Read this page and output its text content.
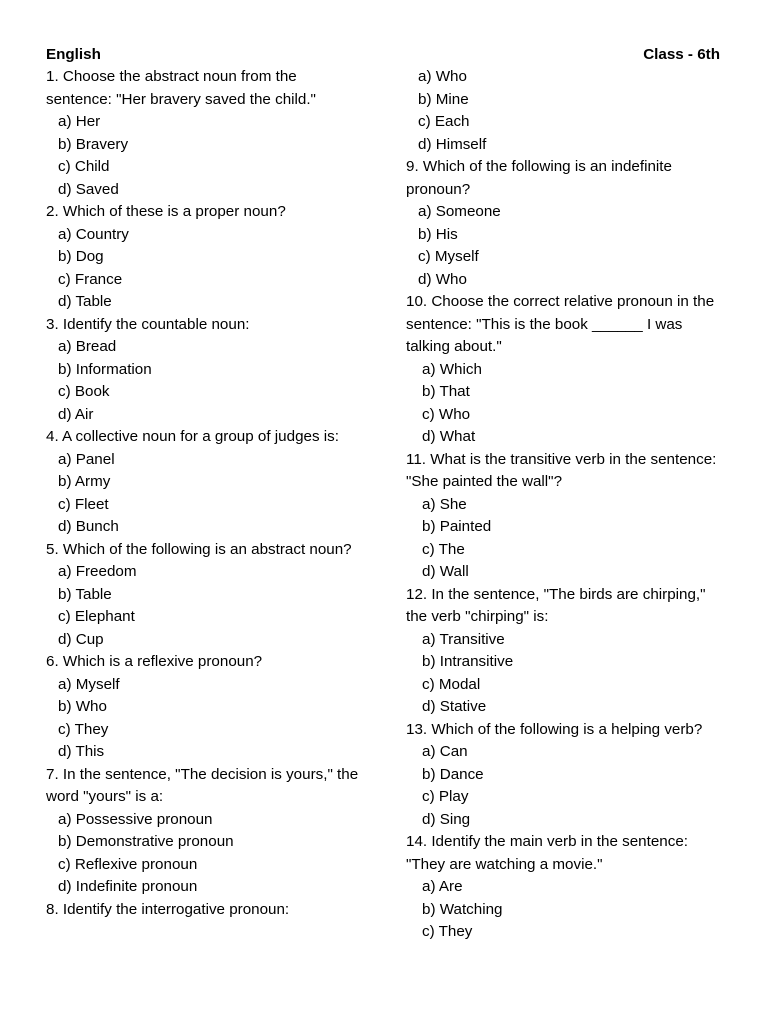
English	Class - 6th
1. Choose the abstract noun from the sentence: "Her bravery saved the child."
a) Her
b) Bravery
c) Child
d) Saved
2. Which of these is a proper noun?
a) Country
b) Dog
c) France
d) Table
3. Identify the countable noun:
a) Bread
b) Information
c) Book
d) Air
4. A collective noun for a group of judges is:
a) Panel
b) Army
c) Fleet
d) Bunch
5. Which of the following is an abstract noun?
a) Freedom
b) Table
c) Elephant
d) Cup
6. Which is a reflexive pronoun?
a) Myself
b) Who
c) They
d) This
7. In the sentence, "The decision is yours," the word "yours" is a:
a) Possessive pronoun
b) Demonstrative pronoun
c) Reflexive pronoun
d) Indefinite pronoun
8. Identify the interrogative pronoun:
a) Who
b) Mine
c) Each
d) Himself
9. Which of the following is an indefinite pronoun?
a) Someone
b) His
c) Myself
d) Who
10. Choose the correct relative pronoun in the sentence: "This is the book ______ I was talking about."
a) Which
b) That
c) Who
d) What
11. What is the transitive verb in the sentence: "She painted the wall"?
a) She
b) Painted
c) The
d) Wall
12. In the sentence, "The birds are chirping," the verb "chirping" is:
a) Transitive
b) Intransitive
c) Modal
d) Stative
13. Which of the following is a helping verb?
a) Can
b) Dance
c) Play
d) Sing
14. Identify the main verb in the sentence: "They are watching a movie."
a) Are
b) Watching
c) They
